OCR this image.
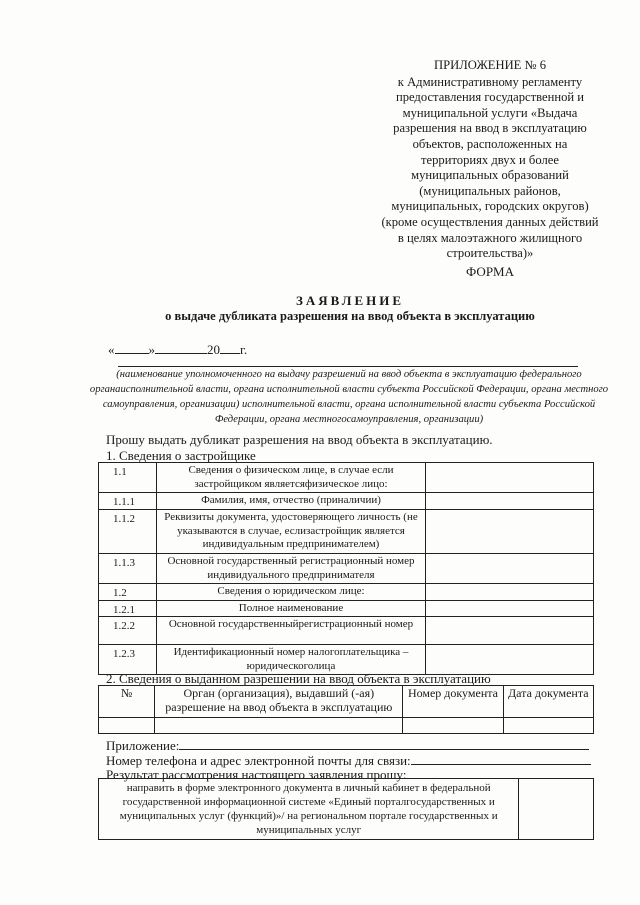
ПРИЛОЖЕНИЕ № 6
к Административному регламенту предоставления государственной и муниципальной услуги «Выдача разрешения на ввод в эксплуатацию объектов, расположенных на территориях двух и более муниципальных образований (муниципальных районов, муниципальных, городских округов) (кроме осуществления данных действий в целях малоэтажного жилищного строительства)»
ФОРМА
ЗАЯВЛЕНИЕ
о выдаче дубликата разрешения на ввод объекта в эксплуатацию
«	»	20 г.
(наименование уполномоченного на выдачу разрешений на ввод объекта в эксплуатацию федерального органаисполнительной власти, органа исполнительной власти субъекта Российской Федерации, органа местного самоуправления, организации) исполнительной власти, органа исполнительной власти субъекта Российской Федерации, органа местногосамоуправления, организации)
Прошу выдать дубликат разрешения на ввод объекта в эксплуатацию.
1. Сведения о застройщике
1.1	Сведения о физическом лице, в случае если застройщиком являетсяфизическое лицо:	
1.1.1	Фамилия, имя, отчество (приналичии)	
1.1.2	Реквизиты документа, удостоверяющего личность (не указываются в случае, еслизастройщик является индивидуальным предпринимателем)	
1.1.3	Основной государственный регистрационный номер индивидуального предпринимателя	
1.2	Сведения о юридическом лице:	
1.2.1	Полное наименование	
1.2.2	Основной государственныйрегистрационный номер	
1.2.3	Идентификационный номер налогоплательщика – юридическоголица	
2. Сведения о выданном разрешении на ввод объекта в эксплуатацию
№	Орган (организация), выдавший (-ая) разрешение на ввод объекта в эксплуатацию	Номер документа	Дата документа

Приложение:
Номер телефона и адрес электронной почты для связи:
Результат рассмотрения настоящего заявления прошу:
направить в форме электронного документа в личный кабинет в федеральной государственной информационной системе «Единый порталгосударственных и муниципальных услуг (функций)»/ на региональном портале государственных и муниципальных услуг	
